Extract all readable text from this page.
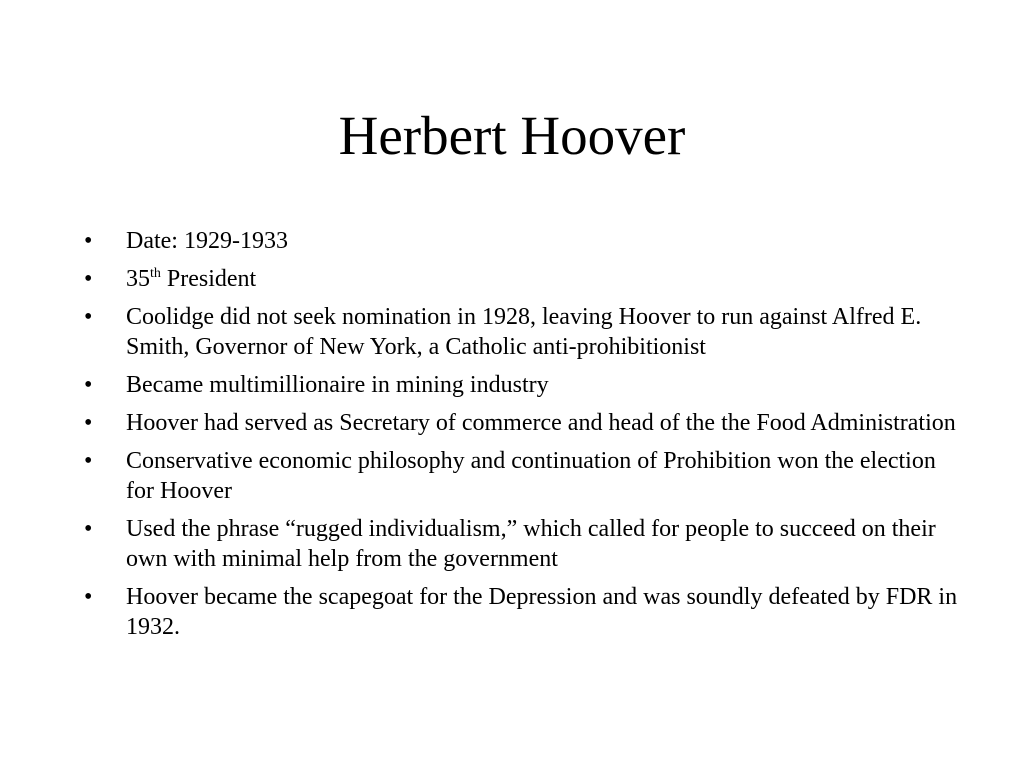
Herbert Hoover
• Date: 1929-1933
• 35th President
• Coolidge did not seek nomination in 1928, leaving Hoover to run against Alfred E. Smith, Governor of New York, a Catholic anti-prohibitionist
• Became multimillionaire in mining industry
• Hoover had served as Secretary of commerce and head of the the Food Administration
• Conservative economic philosophy and continuation of Prohibition won the election for Hoover
• Used the phrase “rugged individualism,” which called for people to succeed on their own with minimal help from the government
• Hoover became the scapegoat for the Depression and was soundly defeated by FDR in 1932.
